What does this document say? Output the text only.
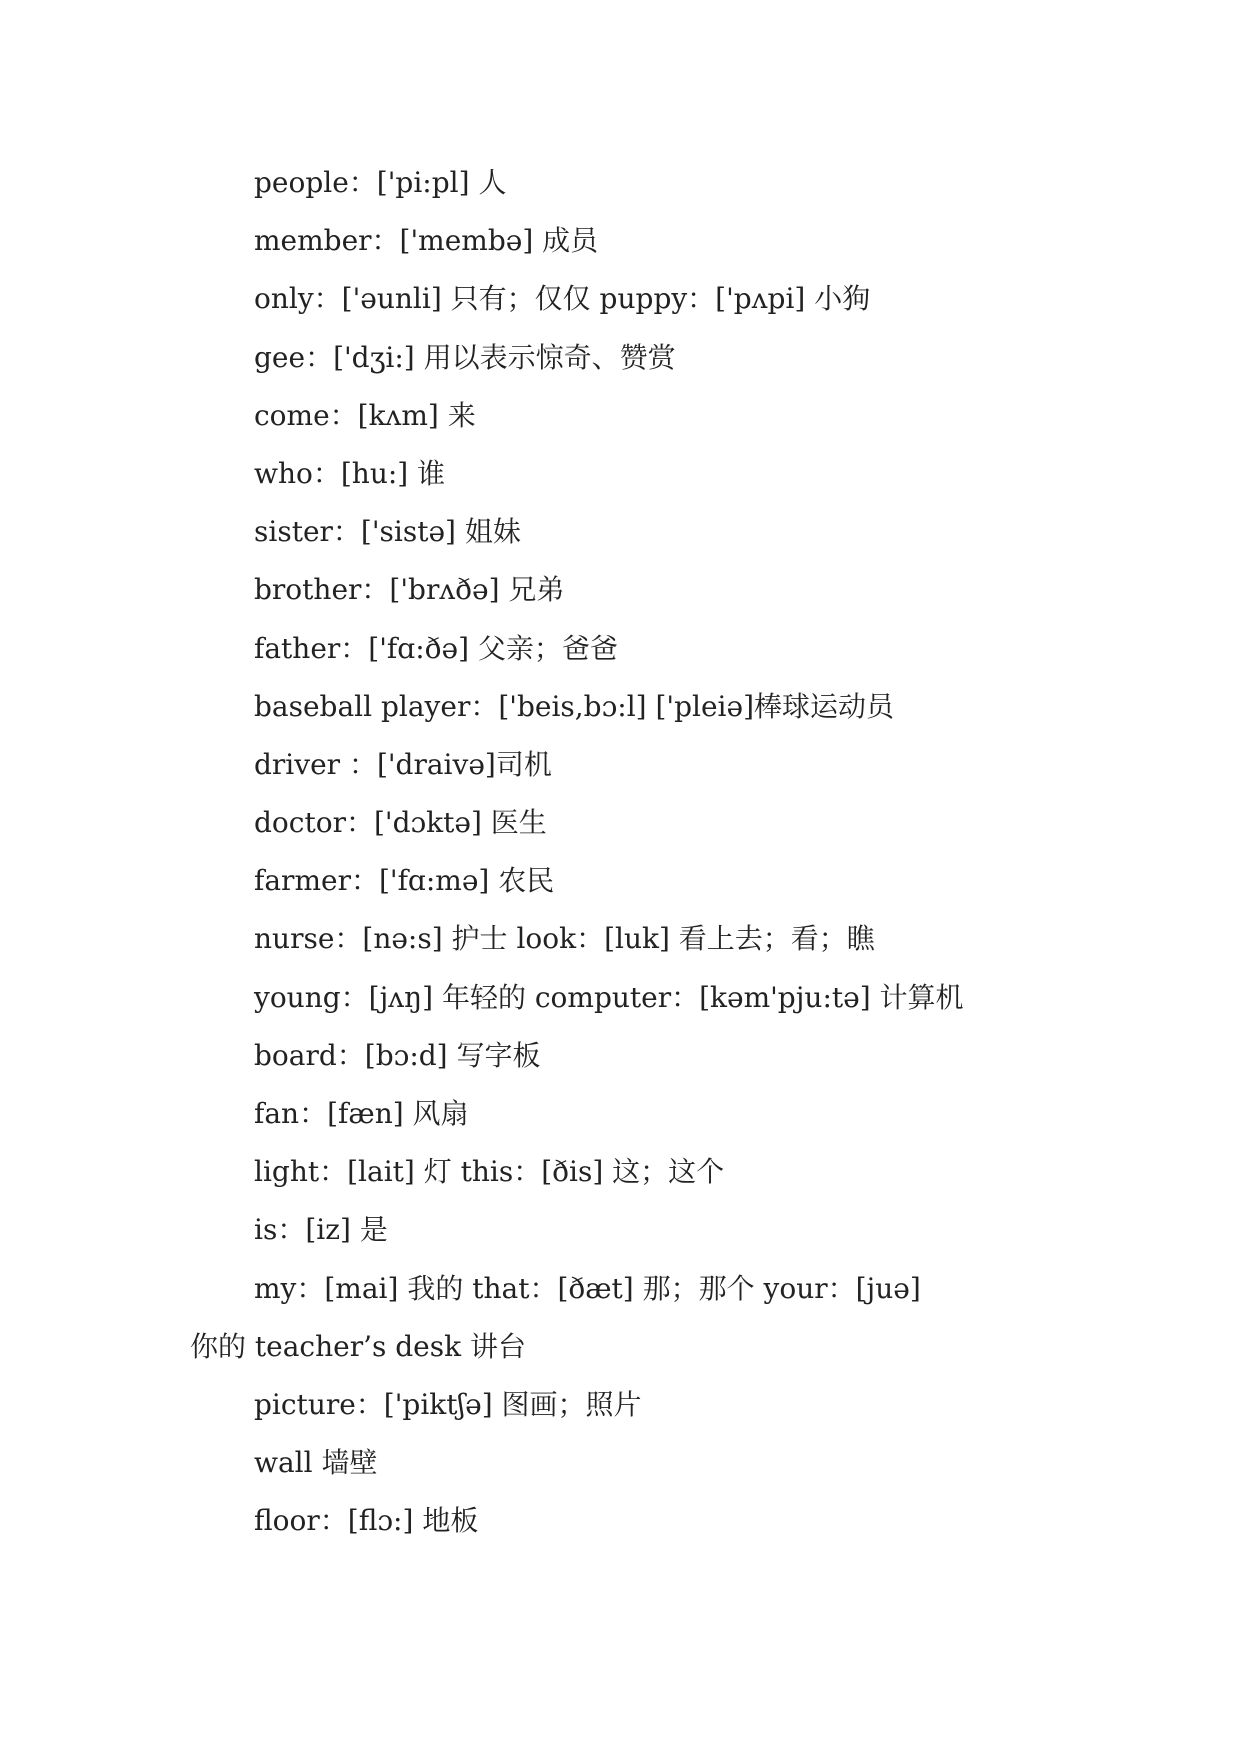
people：['pi:pl] 人
member：['membə] 成员
only：['əunli] 只有；仅仅 puppy：['pʌpi] 小狗
gee：['dʒi:] 用以表示惊奇、赞赏
come：[kʌm] 来
who：[hu:] 谁
sister：['sistə] 姐妹
brother：['brʌðə] 兄弟
father：['fɑ:ðə] 父亲；爸爸
baseball player：['beis,bɔ:l] ['pleiə]棒球运动员
driver ：['draivə]司机
doctor：['dɔktə] 医生
farmer：['fɑ:mə] 农民
nurse：[nə:s] 护士 look：[luk] 看上去；看；瞧
young：[jʌŋ] 年轻的 computer：[kəm'pju:tə] 计算机
board：[bɔ:d] 写字板
fan：[fæn] 风扇
light：[lait] 灯 this：[ðis] 这；这个
is：[iz] 是
my：[mai] 我的 that：[ðæt] 那；那个 your：[juə]
你的 teacher’s desk 讲台
picture：['piktʃə] 图画；照片
wall 墙壁
floor：[flɔ:] 地板
